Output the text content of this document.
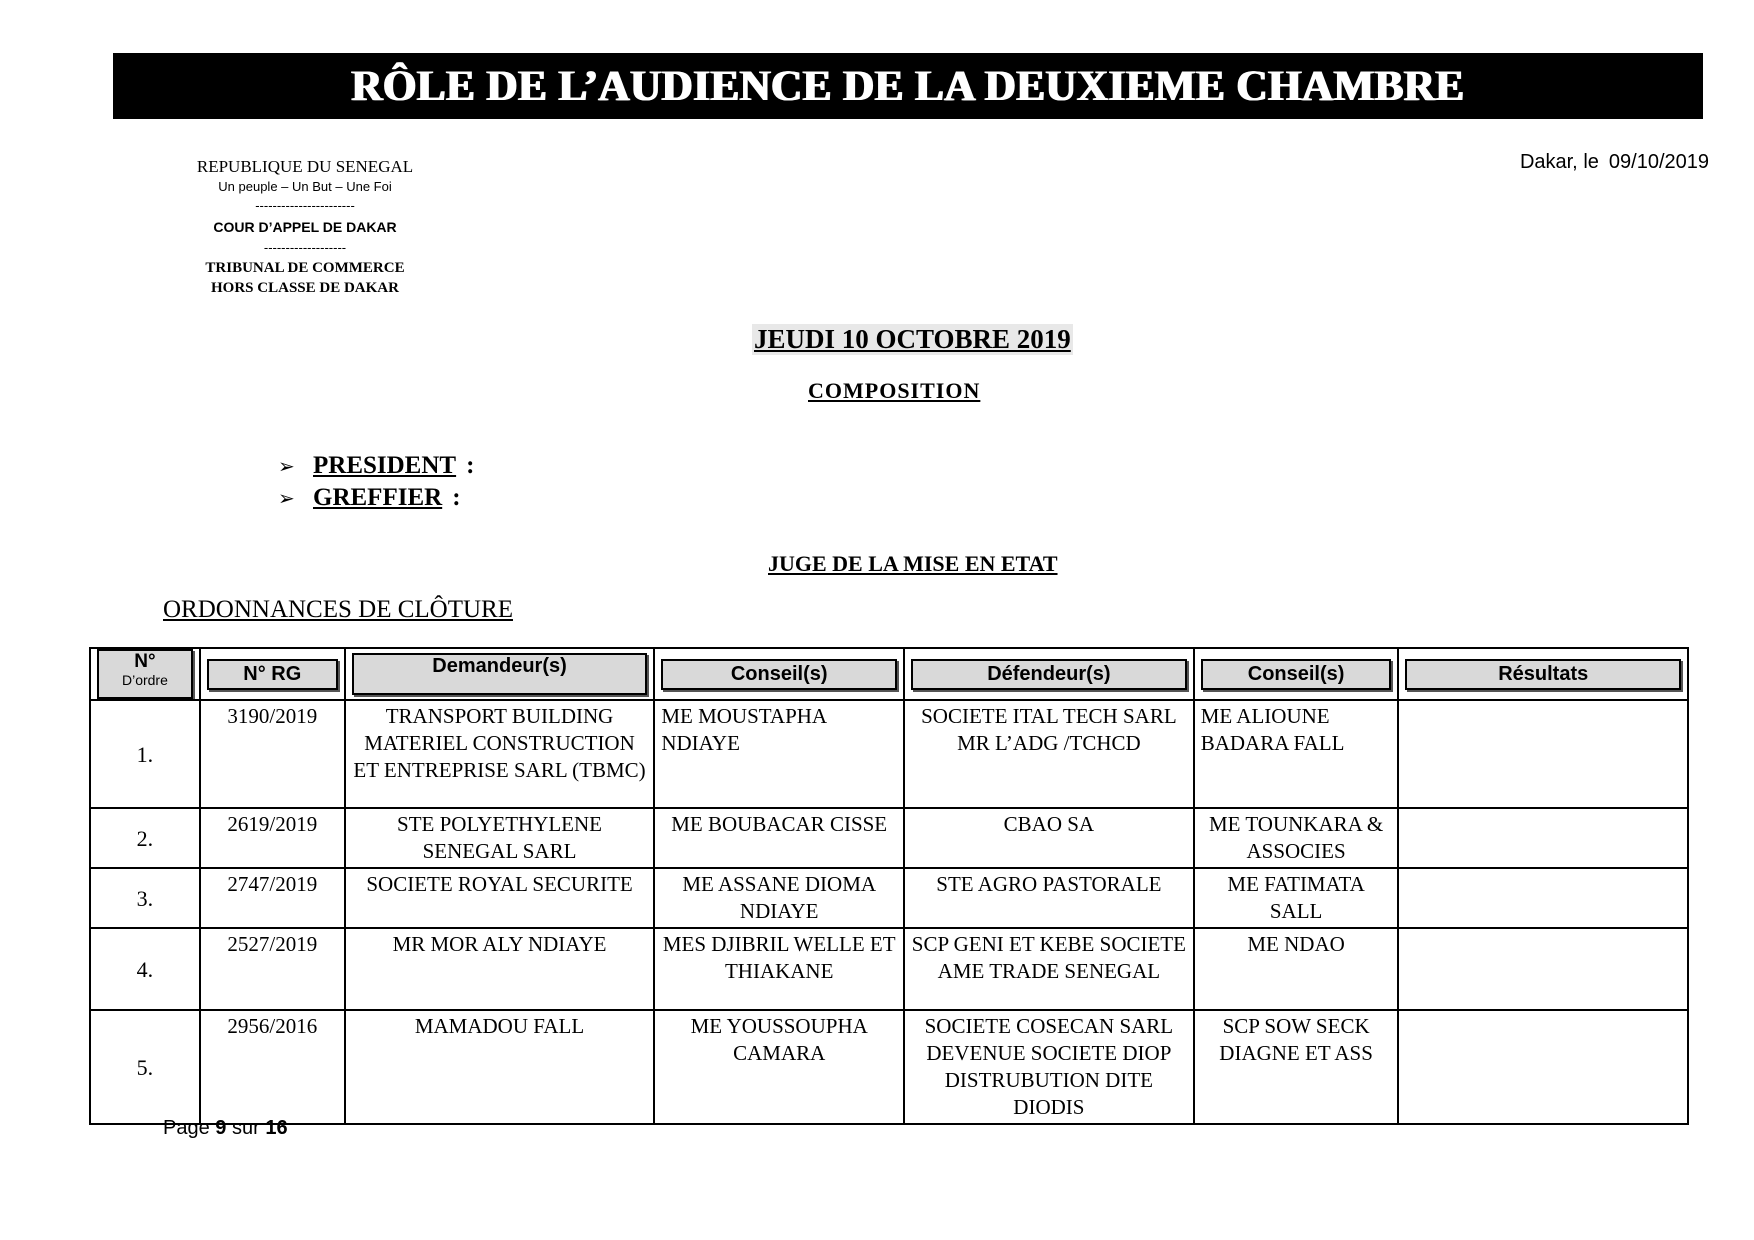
RÔLE DE L’AUDIENCE DE LA DEUXIEME CHAMBRE
REPUBLIQUE DU SENEGAL
Un peuple – Un But – Une Foi
-----------------------
COUR D’APPEL DE DAKAR
-------------------
TRIBUNAL DE COMMERCE
HORS CLASSE DE DAKAR
Dakar, le 09/10/2019
JEUDI 10 OCTOBRE 2019
COMPOSITION
➢ PRESIDENT :
➢ GREFFIER :
JUGE DE LA MISE EN ETAT
ORDONNANCES DE CLÔTURE
N°
D’ordre	N° RG	Demandeur(s)	Conseil(s)	Défendeur(s)	Conseil(s)	Résultats

1.	3190/2019	TRANSPORT BUILDING MATERIEL CONSTRUCTION ET ENTREPRISE SARL (TBMC)	ME MOUSTAPHA NDIAYE	SOCIETE ITAL TECH SARL MR L’ADG /TCHCD	ME ALIOUNE BADARA FALL	
2.	2619/2019	STE POLYETHYLENE SENEGAL SARL	ME BOUBACAR CISSE	CBAO SA	ME TOUNKARA & ASSOCIES	
3.	2747/2019	SOCIETE ROYAL SECURITE	ME ASSANE DIOMA NDIAYE	STE AGRO PASTORALE	ME FATIMATA SALL	
4.	2527/2019	MR MOR ALY NDIAYE	MES DJIBRIL WELLE ET THIAKANE	SCP GENI ET KEBE SOCIETE AME TRADE SENEGAL	ME NDAO	
5.	2956/2016	MAMADOU FALL	ME YOUSSOUPHA CAMARA	SOCIETE COSECAN SARL DEVENUE SOCIETE DIOP DISTRUBUTION DITE DIODIS	SCP SOW SECK DIAGNE ET ASS	
Page 9 sur 16
